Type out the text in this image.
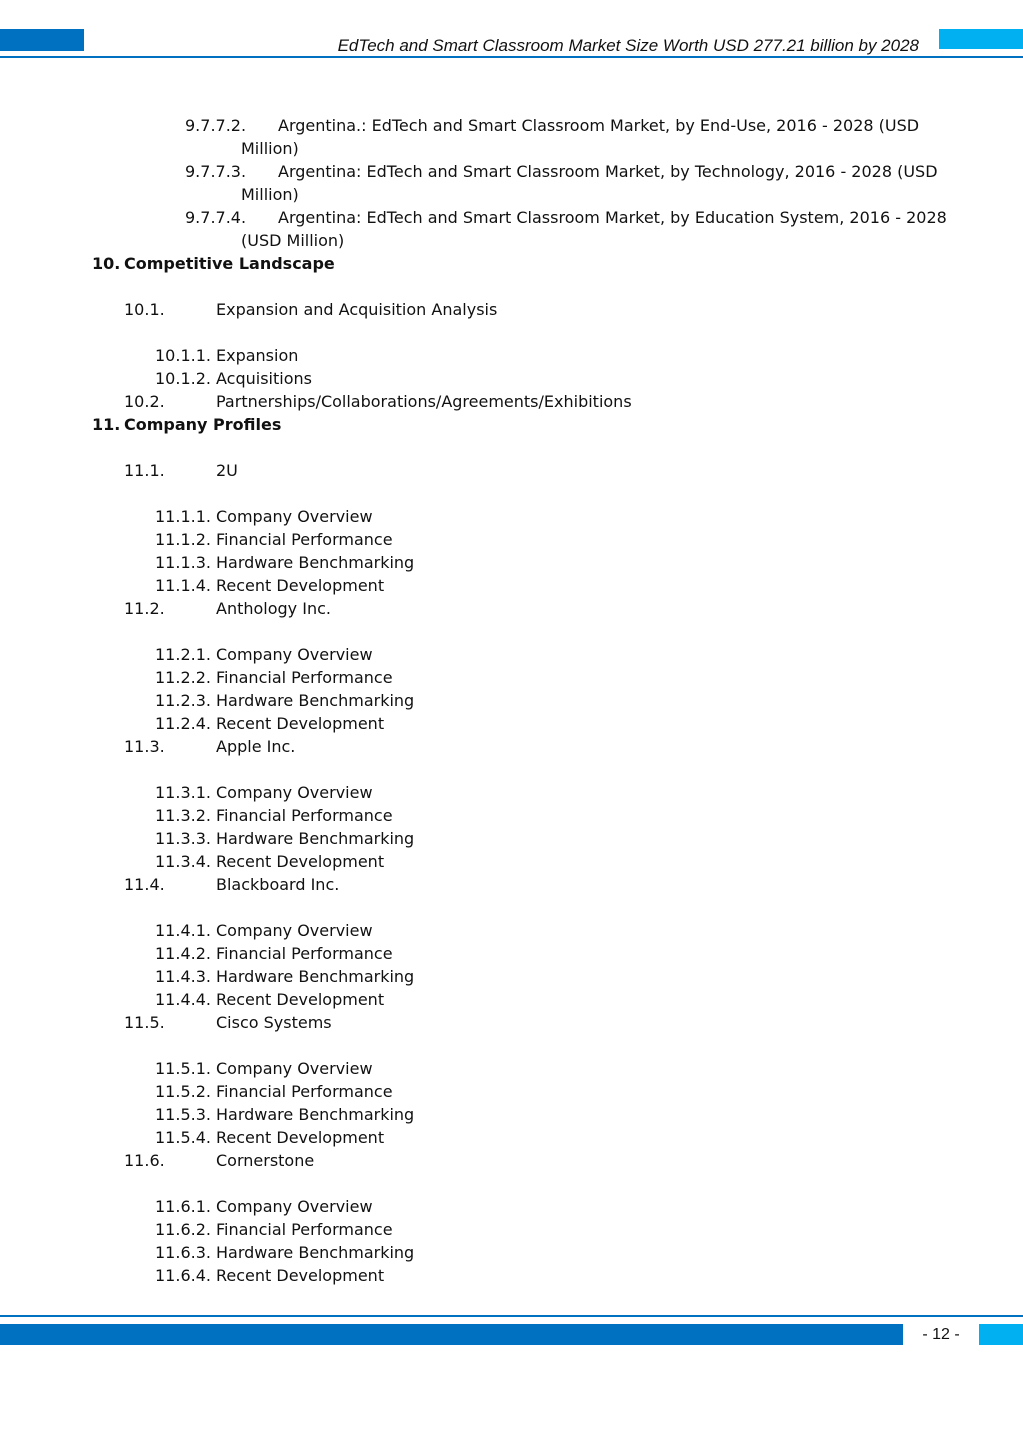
EdTech and Smart Classroom Market Size Worth USD 277.21 billion by 2028
9.7.7.2. Argentina.: EdTech and Smart Classroom Market, by End-Use, 2016 - 2028 (USD
Million)
9.7.7.3. Argentina: EdTech and Smart Classroom Market, by Technology, 2016 - 2028 (USD
Million)
9.7.7.4. Argentina: EdTech and Smart Classroom Market, by Education System, 2016 - 2028
(USD Million)
10. Competitive Landscape
10.1.	Expansion and Acquisition Analysis
10.1.1. Expansion
10.1.2. Acquisitions
10.2.	Partnerships/Collaborations/Agreements/Exhibitions
11. Company Profiles
11.1.	2U
11.1.1. Company Overview
11.1.2. Financial Performance
11.1.3. Hardware Benchmarking
11.1.4. Recent Development
11.2.	Anthology Inc.
11.2.1. Company Overview
11.2.2. Financial Performance
11.2.3. Hardware Benchmarking
11.2.4. Recent Development
11.3.	Apple Inc.
11.3.1. Company Overview
11.3.2. Financial Performance
11.3.3. Hardware Benchmarking
11.3.4. Recent Development
11.4.	Blackboard Inc.
11.4.1. Company Overview
11.4.2. Financial Performance
11.4.3. Hardware Benchmarking
11.4.4. Recent Development
11.5.	Cisco Systems
11.5.1. Company Overview
11.5.2. Financial Performance
11.5.3. Hardware Benchmarking
11.5.4. Recent Development
11.6.	Cornerstone
11.6.1. Company Overview
11.6.2. Financial Performance
11.6.3. Hardware Benchmarking
11.6.4. Recent Development
- 12 -
